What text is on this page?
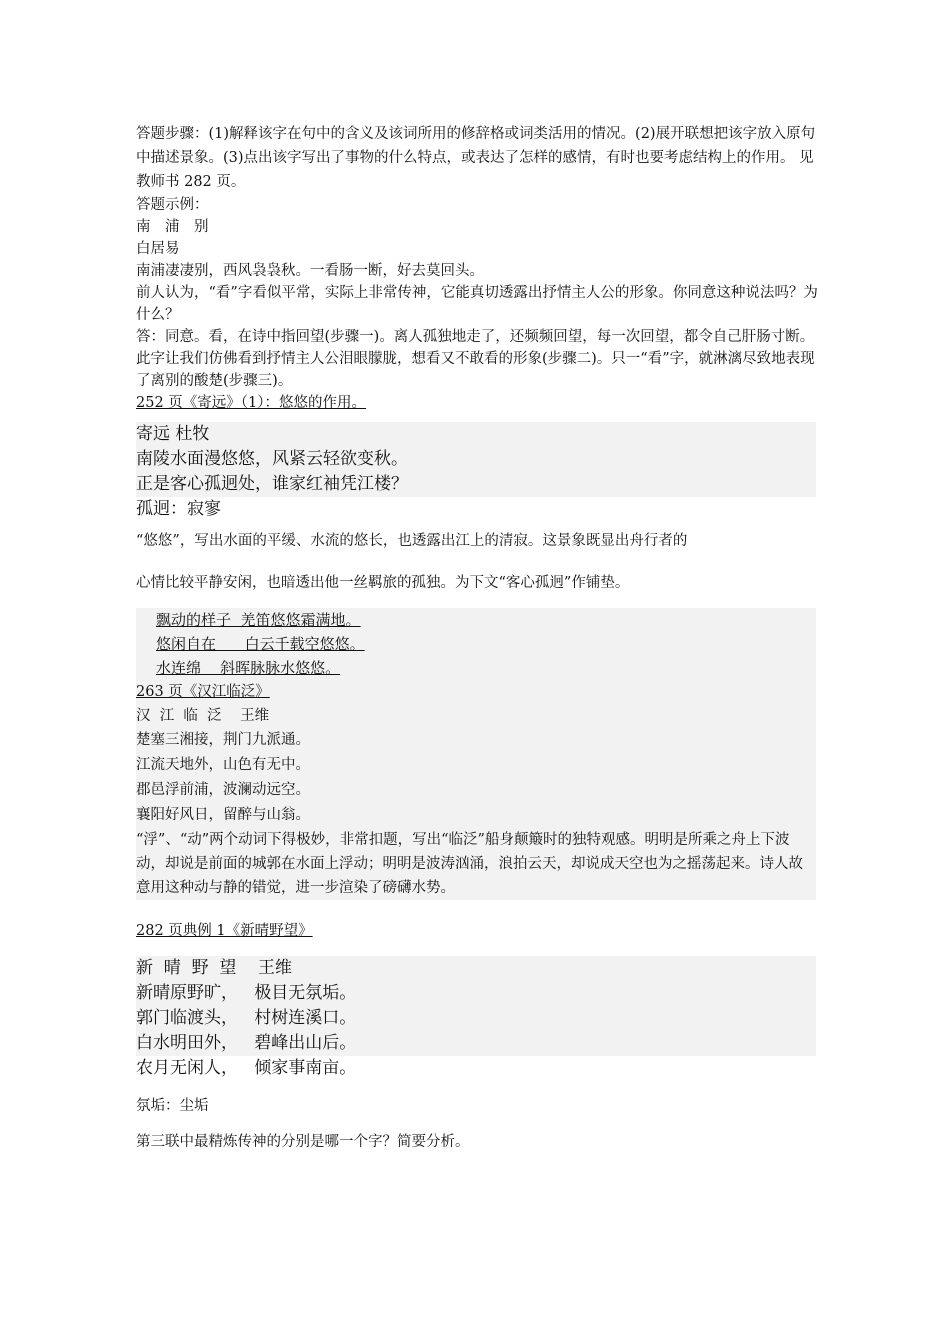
答题步骤：(1)解释该字在句中的含义及该词所用的修辞格或词类活用的情况。(2)展开联想把该字放入原句中描述景象。(3)点出该字写出了事物的什么特点，或表达了怎样的感情，有时也要考虑结构上的作用。 见教师书 282 页。

答题示例：

南　浦　别

白居易

南浦凄凄别，西风袅袅秋。一看肠一断，好去莫回头。

前人认为，“看”字看似平常，实际上非常传神，它能真切透露出抒情主人公的形象。你同意这种说法吗？为什么？

答：同意。看，在诗中指回望(步骤一)。离人孤独地走了，还频频回望，每一次回望，都令自己肝肠寸断。此字让我们仿佛看到抒情主人公泪眼朦胧，想看又不敢看的形象(步骤二)。只一“看”字，就淋漓尽致地表现了离别的酸楚(步骤三)。

252 页《寄远》（1）：悠悠的作用。

寄远 杜牧

南陵水面漫悠悠，风紧云轻欲变秋。

正是客心孤迥处，谁家红袖凭江楼？

孤迥：寂寥

“悠悠”，写出水面的平缓、水流的悠长，也透露出江上的清寂。这景象既显出舟行者的

心情比较平静安闲，也暗透出他一丝羁旅的孤独。为下文“客心孤迥”作铺垫。

飘动的样子  羌笛悠悠霜满地。

悠闲自在      白云千载空悠悠。

水连绵    斜晖脉脉水悠悠。

263 页《汉江临泛》

汉  江  临  泛    王维

楚塞三湘接，荆门九派通。

江流天地外，山色有无中。

郡邑浮前浦，波澜动远空。

襄阳好风日，留醉与山翁。

“浮”、“动”两个动词下得极妙，非常扣题，写出“临泛”船身颠簸时的独特观感。明明是所乘之舟上下波动，却说是前面的城郭在水面上浮动；明明是波涛汹涌，浪拍云天，却说成天空也为之摇荡起来。诗人故意用这种动与静的错觉，进一步渲染了磅礴水势。

282 页典例 1《新晴野望》

新  晴  野  望    王维

新晴原野旷，   极目无氛垢。

郭门临渡头，   村树连溪口。

白水明田外，   碧峰出山后。

农月无闲人，   倾家事南亩。

氛垢：尘垢

第三联中最精炼传神的分别是哪一个字？简要分析。
